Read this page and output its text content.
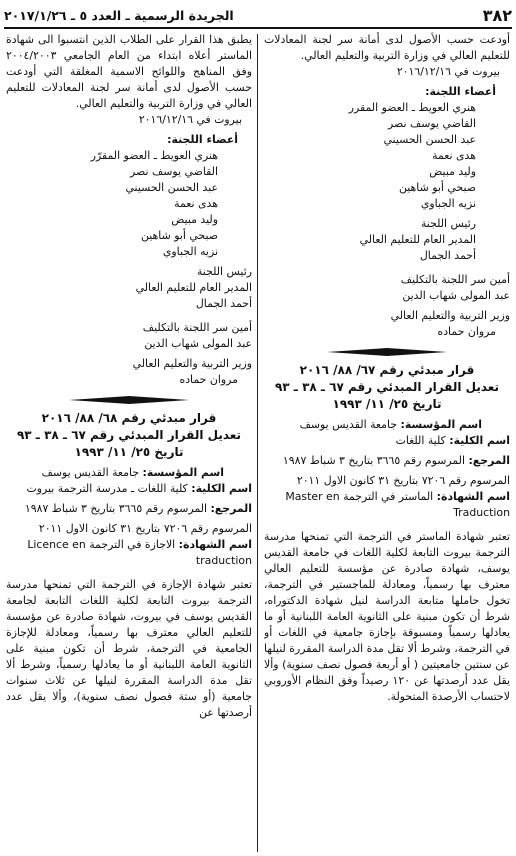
٣٨٢
الجريدة الرسمية ـ العدد ٥ ـ ٢٠١٧/١/٢٦

أودعت حسب الأصول لدى أمانة سر لجنة المعادلات للتعليم العالي في وزارة التربية والتعليم العالي.

بيروت في ٢٠١٦/١٢/١٦

أعضاء اللجنة:

هنري العويط ـ العضو المقرر

القاضي يوسف نصر

عبد الحسن الحسيني

هدى نعمة

وليد مبيض

صبحي أبو شاهين

نزيه الجباوي

رئيس اللجنة

المدير العام للتعليم العالي

أحمد الجمال

أمين سر اللجنة بالتكليف

عبد المولى شهاب الدين

وزير التربية والتعليم العالي

مروان حماده

قرار مبدئي رقم ٦٧/ ٨٨/ ٢٠١٦

تعديل القرار المبدئي رقم ٦٧ ـ ٣٨ ـ ٩٣

تاريخ ٢٥/ ١١/ ١٩٩٣

اسم المؤسسة: جامعة القديس يوسف

اسم الكلية: كلية اللغات

المرجع: المرسوم رقم ٣٦٦٥ بتاريخ ٣ شباط ١٩٨٧

المرسوم رقم ٧٢٠٦ بتاريخ ٣١ كانون الاول ٢٠١١

اسم الشهادة: الماستر في الترجمة Master en Traduction

تعتبر شهادة الماستر في الترجمة التي تمنحها مدرسة الترجمة بيروت التابعة لكلية اللغات في جامعة القديس يوسف، شهادة صادرة عن مؤسسة للتعليم العالي معترف بها رسمياً، ومعادلة للماجستير في الترجمة، تخول حاملها متابعة الدراسة لنيل شهادة الدكتوراه، شرط أن تكون مبنية على الثانوية العامة اللبنانية أو ما يعادلها رسمياً ومسبوقة بإجازة جامعية في اللغات أو في الترجمة، وشرط ألا تقل مدة الدراسة المقررة لنيلها عن سنتين جامعيتين ( أو أربعة فصول نصف سنوية) وألا يقل عدد أرصدتها عن ١٢٠ رصيداً وفق النظام الأوروبي لاحتساب الأرصدة المتحولة.

يطبق هذا القرار على الطلاب الذين انتسبوا الى شهادة الماستر أعلاه ابتداء من العام الجامعي ٢٠٠٤/٢٠٠٣ وفق المناهج واللوائح الاسمية المغلقة التي أودعت حسب الأصول لدى أمانة سر لجنة المعادلات للتعليم العالي في وزارة التربية والتعليم العالي.

بيروت في ٢٠١٦/١٢/١٦

أعضاء اللجنة:

هنري العويط ـ العضو المقرّر

القاضي يوسف نصر

عبد الحسن الحسيني

هدى نعمة

وليد مبيض

صبحي أبو شاهين

نزيه الجباوي

رئيس اللجنة

المدير العام للتعليم العالي

أحمد الجمال

أمين سر اللجنة بالتكليف

عبد المولى شهاب الدين

وزير التربية والتعليم العالي

مروان حماده

قرار مبدئي رقم ٦٨/ ٨٨/ ٢٠١٦

تعديل القرار المبدئي رقم ٦٧ ـ ٣٨ ـ ٩٣

تاريخ ٢٥/ ١١/ ١٩٩٣

اسم المؤسسة: جامعة القديس يوسف

اسم الكلية: كلية اللغات ـ مدرسة الترجمة بيروت

المرجع: المرسوم رقم ٣٦٦٥ بتاريخ ٣ شباط ١٩٨٧

المرسوم رقم ٧٢٠٦ بتاريخ ٣١ كانون الاول ٢٠١١

اسم الشهادة: الاجازة في الترجمة Licence en traduction

تعتبر شهادة الإجازة في الترجمة التي تمنحها مدرسة الترجمة بيروت التابعة لكلية اللغات التابعة لجامعة القديس يوسف في بيروت، شهادة صادرة عن مؤسسة للتعليم العالي معترف بها رسمياً، ومعادلة للإجازة الجامعية في الترجمة، شرط أن تكون مبنية على الثانوية العامة اللبنانية أو ما يعادلها رسمياً، وشرط ألا تقل مدة الدراسة المقررة لنيلها عن ثلاث سنوات جامعية (أو ستة فصول نصف سنوية)، وألا يقل عدد أرصدتها عن
